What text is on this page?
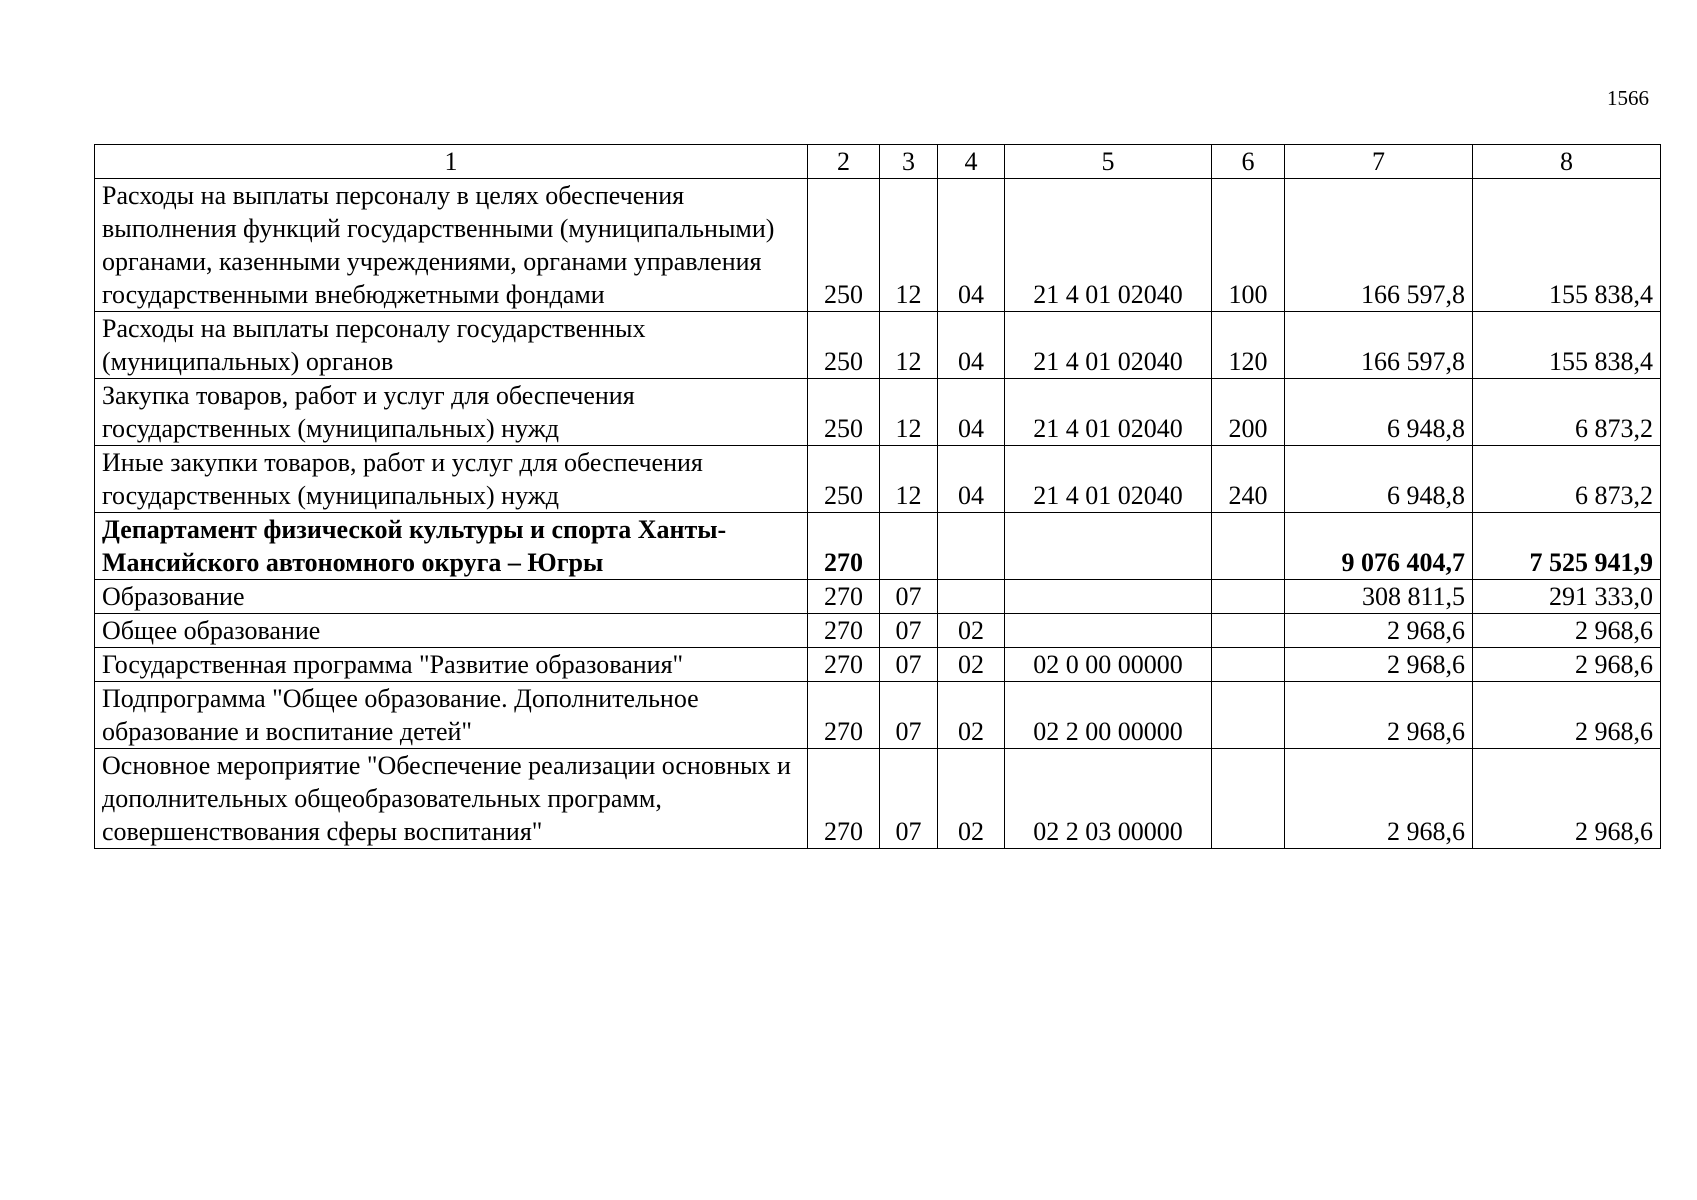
1566
1	2	3	4	5	6	7	8
Расходы на выплаты персоналу в целях обеспечения выполнения функций государственными (муниципальными) органами, казенными учреждениями, органами управления государственными внебюджетными фондами	250	12	04	21 4 01 02040	100	166 597,8	155 838,4
Расходы на выплаты персоналу государственных (муниципальных) органов	250	12	04	21 4 01 02040	120	166 597,8	155 838,4
Закупка товаров, работ и услуг для обеспечения государственных (муниципальных) нужд	250	12	04	21 4 01 02040	200	6 948,8	6 873,2
Иные закупки товаров, работ и услуг для обеспечения государственных (муниципальных) нужд	250	12	04	21 4 01 02040	240	6 948,8	6 873,2
Департамент физической культуры и спорта Ханты-Мансийского автономного округа – Югры	270					9 076 404,7	7 525 941,9
Образование	270	07				308 811,5	291 333,0
Общее образование	270	07	02			2 968,6	2 968,6
Государственная программа "Развитие образования"	270	07	02	02 0 00 00000		2 968,6	2 968,6
Подпрограмма "Общее образование. Дополнительное образование и воспитание детей"	270	07	02	02 2 00 00000		2 968,6	2 968,6
Основное мероприятие "Обеспечение реализации основных и дополнительных общеобразовательных программ, совершенствования сферы воспитания"	270	07	02	02 2 03 00000		2 968,6	2 968,6
